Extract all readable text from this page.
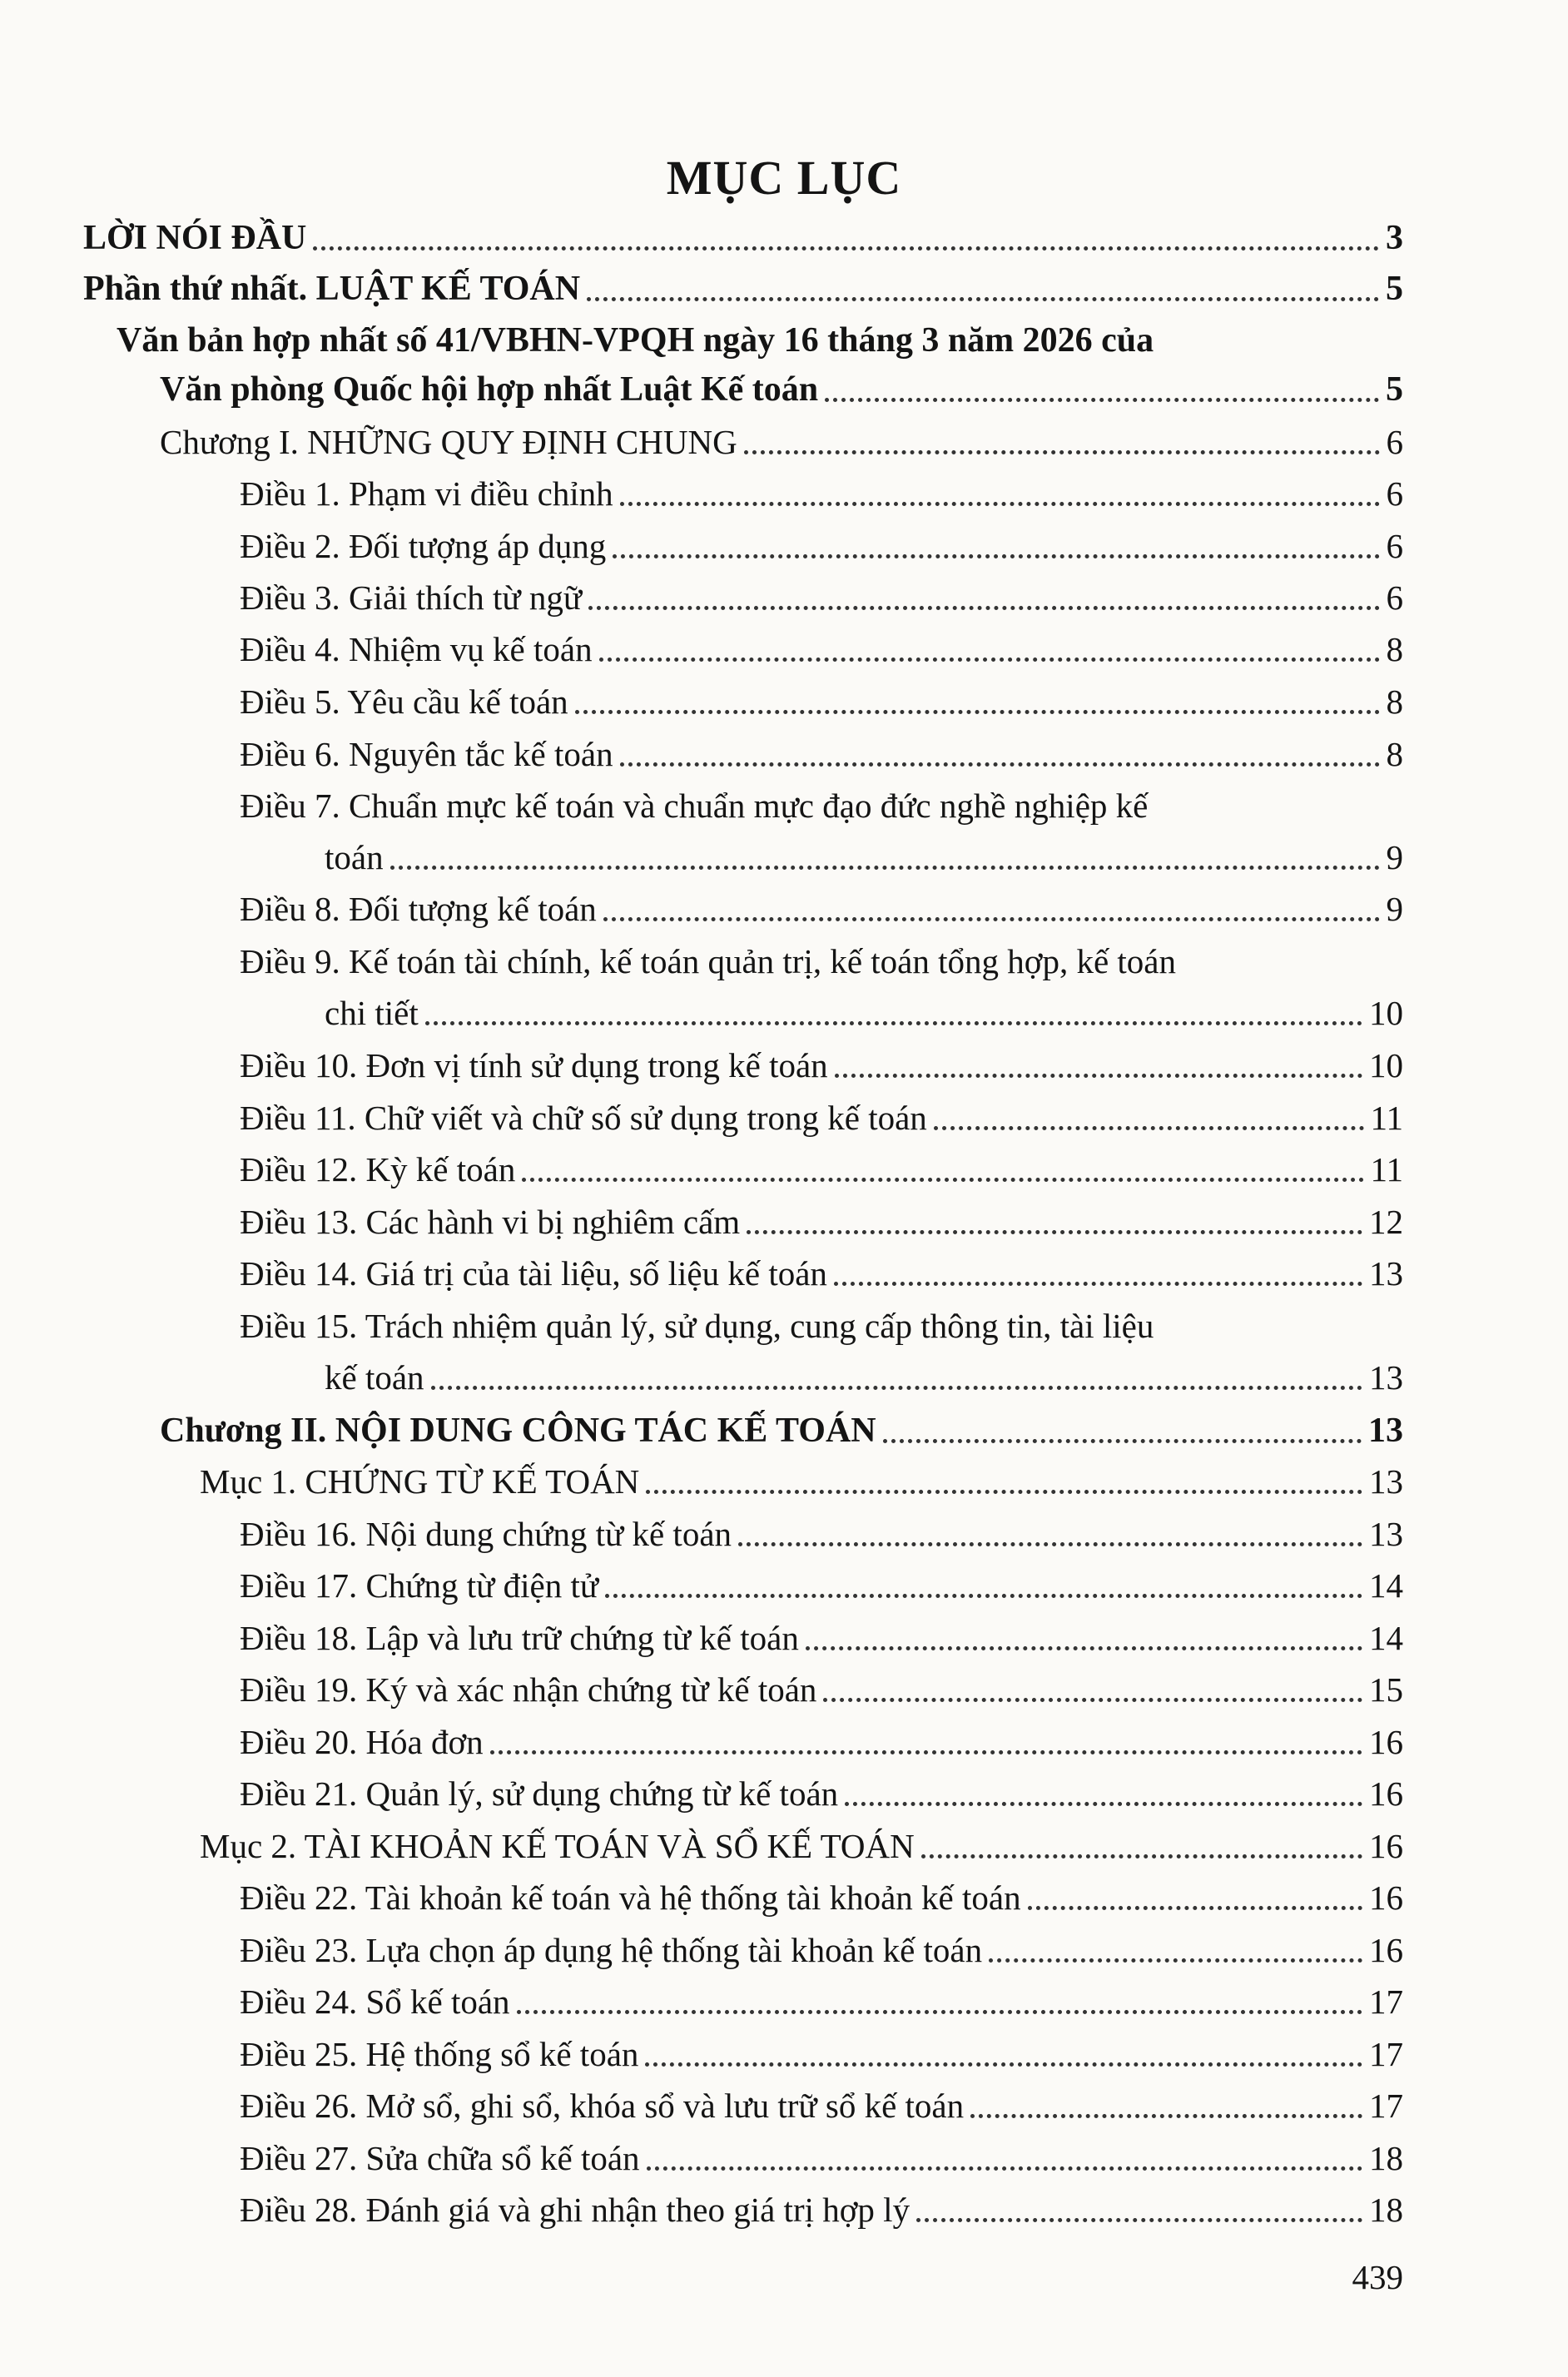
MỤC LỤC
LỜI NÓI ĐẦU	3
Phần thứ nhất. LUẬT KẾ TOÁN	5
Văn bản hợp nhất số 41/VBHN-VPQH ngày 16 tháng 3 năm 2026 của
Văn phòng Quốc hội hợp nhất Luật Kế toán	5
Chương I. NHỮNG QUY ĐỊNH CHUNG	6
Điều 1. Phạm vi điều chỉnh	6
Điều 2. Đối tượng áp dụng	6
Điều 3. Giải thích từ ngữ	6
Điều 4. Nhiệm vụ kế toán	8
Điều 5. Yêu cầu kế toán	8
Điều 6. Nguyên tắc kế toán	8
Điều 7. Chuẩn mực kế toán và chuẩn mực đạo đức nghề nghiệp kế
toán	9
Điều 8. Đối tượng kế toán	9
Điều 9. Kế toán tài chính, kế toán quản trị, kế toán tổng hợp, kế toán
chi tiết	10
Điều 10. Đơn vị tính sử dụng trong kế toán	10
Điều 11. Chữ viết và chữ số sử dụng trong kế toán	11
Điều 12. Kỳ kế toán	11
Điều 13. Các hành vi bị nghiêm cấm	12
Điều 14. Giá trị của tài liệu, số liệu kế toán	13
Điều 15. Trách nhiệm quản lý, sử dụng, cung cấp thông tin, tài liệu
kế toán	13
Chương II. NỘI DUNG CÔNG TÁC KẾ TOÁN	13
Mục 1. CHỨNG TỪ KẾ TOÁN	13
Điều 16. Nội dung chứng từ kế toán	13
Điều 17. Chứng từ điện tử	14
Điều 18. Lập và lưu trữ chứng từ kế toán	14
Điều 19. Ký và xác nhận chứng từ kế toán	15
Điều 20. Hóa đơn	16
Điều 21. Quản lý, sử dụng chứng từ kế toán	16
Mục 2. TÀI KHOẢN KẾ TOÁN VÀ SỔ KẾ TOÁN	16
Điều 22. Tài khoản kế toán và hệ thống tài khoản kế toán	16
Điều 23. Lựa chọn áp dụng hệ thống tài khoản kế toán	16
Điều 24. Sổ kế toán	17
Điều 25. Hệ thống sổ kế toán	17
Điều 26. Mở sổ, ghi sổ, khóa sổ và lưu trữ sổ kế toán	17
Điều 27. Sửa chữa sổ kế toán	18
Điều 28. Đánh giá và ghi nhận theo giá trị hợp lý	18
439
